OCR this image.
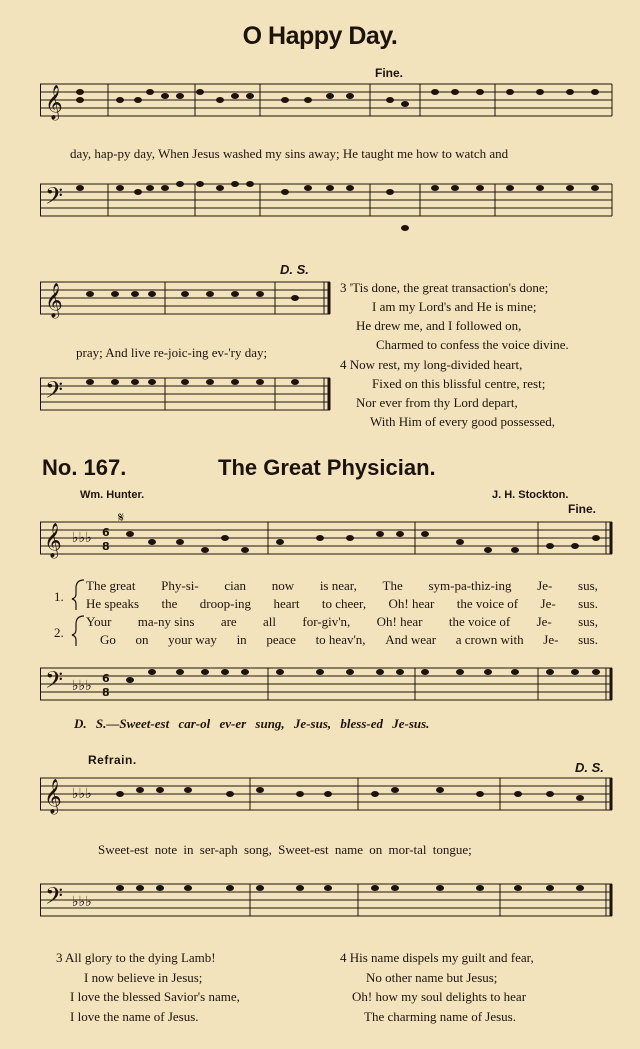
O Happy Day.
Fine.
𝄞
day, hap-py day, When Jesus washed my sins away; He taught me how to watch and
𝄢
D. S.
𝄞
pray; And live re-joic-ing ev-'ry day;
𝄢
3 'Tis done, the great transaction's done;
I am my Lord's and He is mine;
He drew me, and I followed on,
Charmed to confess the voice divine.
4 Now rest, my long-divided heart,
Fixed on this blissful centre, rest;
Nor ever from thy Lord depart,
With Him of every good possessed,
No. 167.	The Great Physician.
Wm. Hunter.	J. H. Stockton.
Fine.
𝄞 ♭♭♭ 6
8
𝄋
1.
2.
The great Phy-si- cian now is near, The sym-pa-thiz-ing Je- sus,
He speaks the droop-ing heart to cheer, Oh! hear the voice of Je- sus.
Your ma-ny sins are all for-giv'n, Oh! hear the voice of Je- sus,
Go on your way in peace to heav'n, And wear a crown with Je- sus.
𝄢 ♭♭♭ 6
8
D. S.—Sweet-est car-ol ev-er sung, Je-sus, bless-ed Je-sus.
Refrain.	D. S.
𝄞 ♭♭♭
Sweet-est note in ser-aph song, Sweet-est name on mor-tal tongue;
𝄢 ♭♭♭
3 All glory to the dying Lamb!
I now believe in Jesus;
I love the blessed Savior's name,
I love the name of Jesus.
4 His name dispels my guilt and fear,
No other name but Jesus;
Oh! how my soul delights to hear
The charming name of Jesus.
